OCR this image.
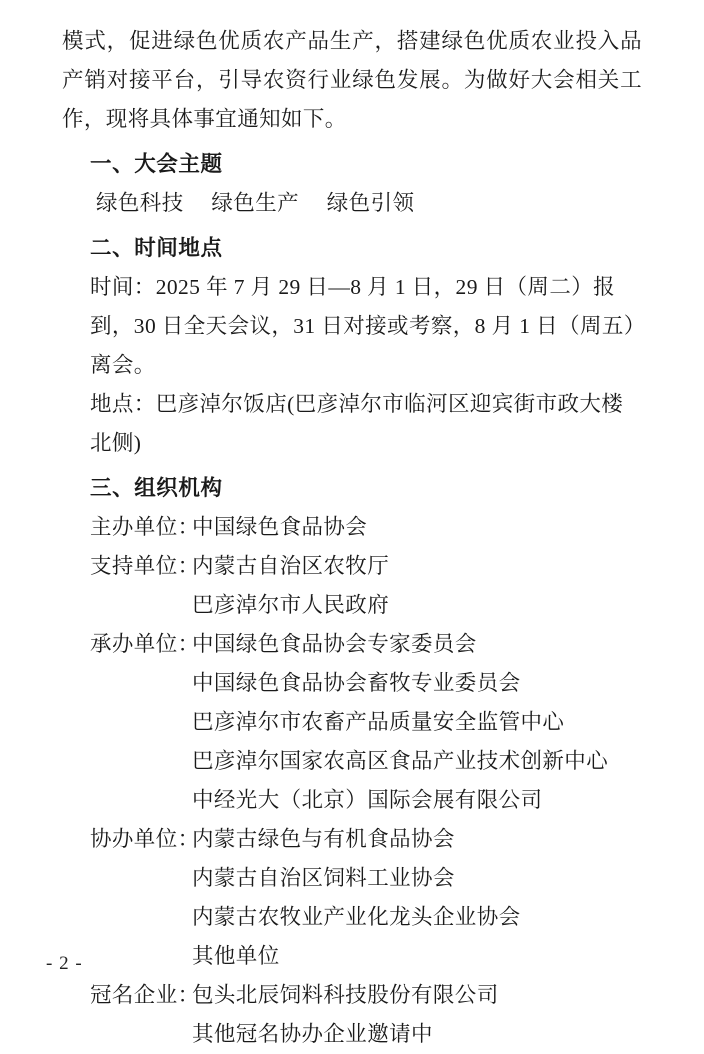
模式，促进绿色优质农产品生产，搭建绿色优质农业投入品产销对接平台，引导农资行业绿色发展。为做好大会相关工作，现将具体事宜通知如下。

一、大会主题
绿色科技 绿色生产 绿色引领
二、时间地点

时间：2025 年 7 月 29 日—8 月 1 日，29 日（周二）报到，30 日全天会议，31 日对接或考察，8 月 1 日（周五）离会。

地点：巴彦淖尔饭店(巴彦淖尔市临河区迎宾街市政大楼北侧)
三、组织机构
主办单位：
中国绿色食品协会
支持单位：
内蒙古自治区农牧厅
巴彦淖尔市人民政府
承办单位：
中国绿色食品协会专家委员会
中国绿色食品协会畜牧专业委员会
巴彦淖尔市农畜产品质量安全监管中心
巴彦淖尔国家农高区食品产业技术创新中心
中经光大（北京）国际会展有限公司
协办单位：
内蒙古绿色与有机食品协会
内蒙古自治区饲料工业协会
内蒙古农牧业产业化龙头企业协会
其他单位
冠名企业：
包头北辰饲料科技股份有限公司
其他冠名协办企业邀请中
- 2 -
